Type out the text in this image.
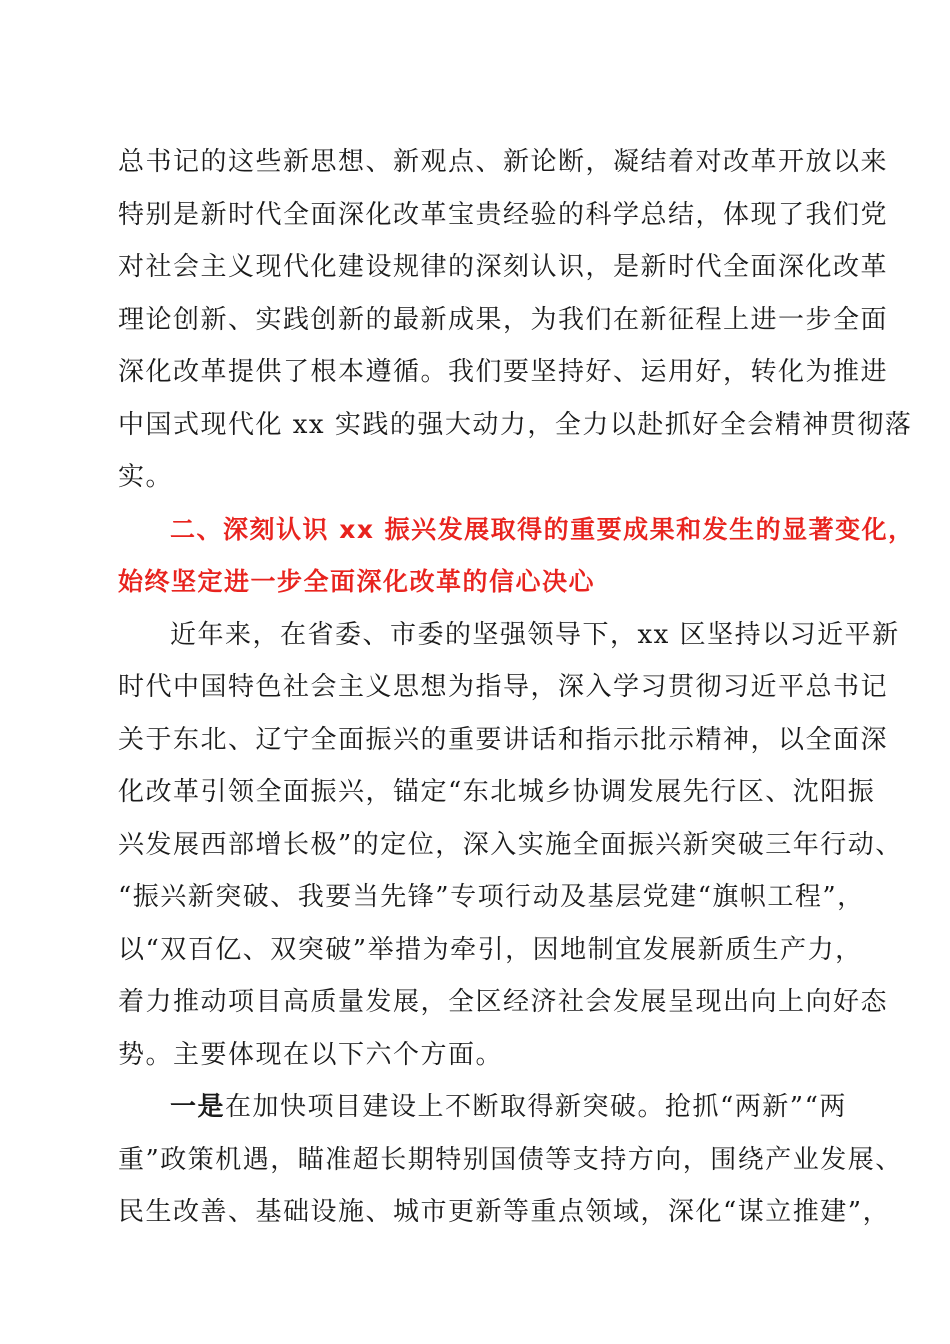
总书记的这些新思想、新观点、新论断，凝结着对改革开放以来
特别是新时代全面深化改革宝贵经验的科学总结，体现了我们党
对社会主义现代化建设规律的深刻认识，是新时代全面深化改革
理论创新、实践创新的最新成果，为我们在新征程上进一步全面
深化改革提供了根本遵循。我们要坚持好、运用好，转化为推进
中国式现代化 xx 实践的强大动力，全力以赴抓好全会精神贯彻落
实。
二、深刻认识 xx 振兴发展取得的重要成果和发生的显著变化，
始终坚定进一步全面深化改革的信心决心
近年来，在省委、市委的坚强领导下，xx 区坚持以习近平新
时代中国特色社会主义思想为指导，深入学习贯彻习近平总书记
关于东北、辽宁全面振兴的重要讲话和指示批示精神，以全面深
化改革引领全面振兴，锚定“东北城乡协调发展先行区、沈阳振
兴发展西部增长极”的定位，深入实施全面振兴新突破三年行动、
“振兴新突破、我要当先锋”专项行动及基层党建“旗帜工程”，
以“双百亿、双突破”举措为牵引，因地制宜发展新质生产力，
着力推动项目高质量发展，全区经济社会发展呈现出向上向好态
势。主要体现在以下六个方面。
一是在加快项目建设上不断取得新突破。抢抓“两新”“两
重”政策机遇，瞄准超长期特别国债等支持方向，围绕产业发展、
民生改善、基础设施、城市更新等重点领域，深化“谋立推建”，
